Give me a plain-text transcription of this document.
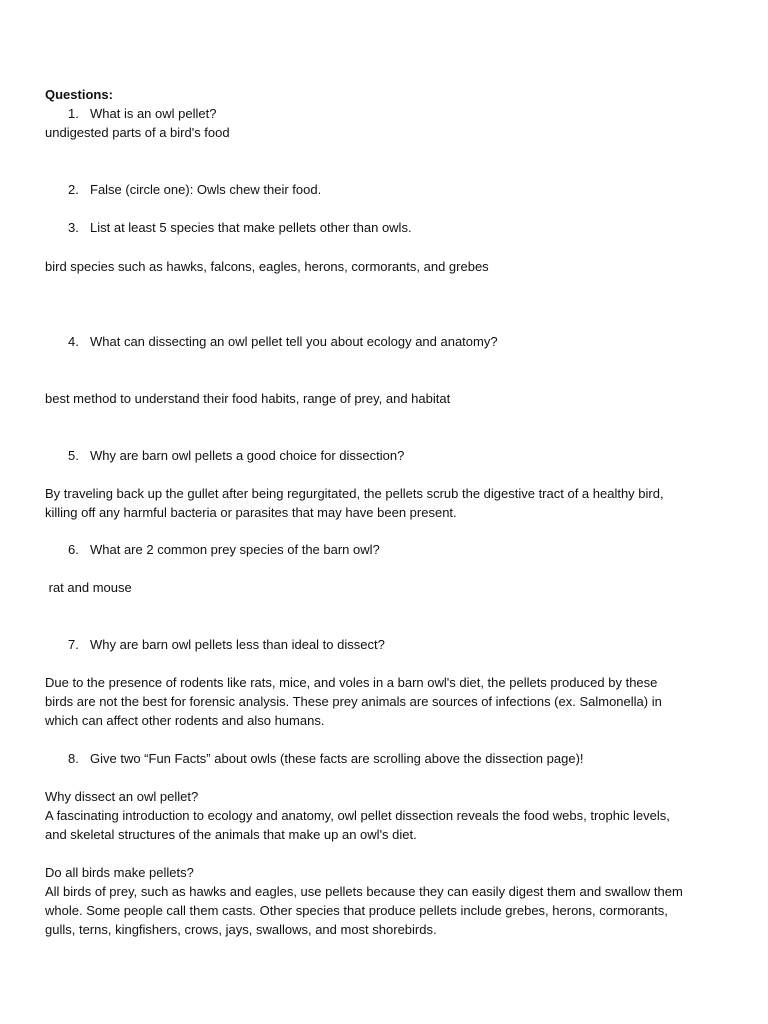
Questions:

1. What is an owl pellet?

undigested parts of a bird's food

2. False (circle one): Owls chew their food.

3. List at least 5 species that make pellets other than owls.

bird species such as hawks, falcons, eagles, herons, cormorants, and grebes

4. What can dissecting an owl pellet tell you about ecology and anatomy?

best method to understand their food habits, range of prey, and habitat

5. Why are barn owl pellets a good choice for dissection?

By traveling back up the gullet after being regurgitated, the pellets scrub the digestive tract of a healthy bird,
killing off any harmful bacteria or parasites that may have been present.

6. What are 2 common prey species of the barn owl?

rat and mouse

7. Why are barn owl pellets less than ideal to dissect?

Due to the presence of rodents like rats, mice, and voles in a barn owl's diet, the pellets produced by these
birds are not the best for forensic analysis. These prey animals are sources of infections (ex. Salmonella) in
which can affect other rodents and also humans.

8. Give two “Fun Facts” about owls (these facts are scrolling above the dissection page)!

Why dissect an owl pellet?
A fascinating introduction to ecology and anatomy, owl pellet dissection reveals the food webs, trophic levels,
and skeletal structures of the animals that make up an owl's diet.
Do all birds make pellets?
All birds of prey, such as hawks and eagles, use pellets because they can easily digest them and swallow them
whole. Some people call them casts. Other species that produce pellets include grebes, herons, cormorants,
gulls, terns, kingfishers, crows, jays, swallows, and most shorebirds.
